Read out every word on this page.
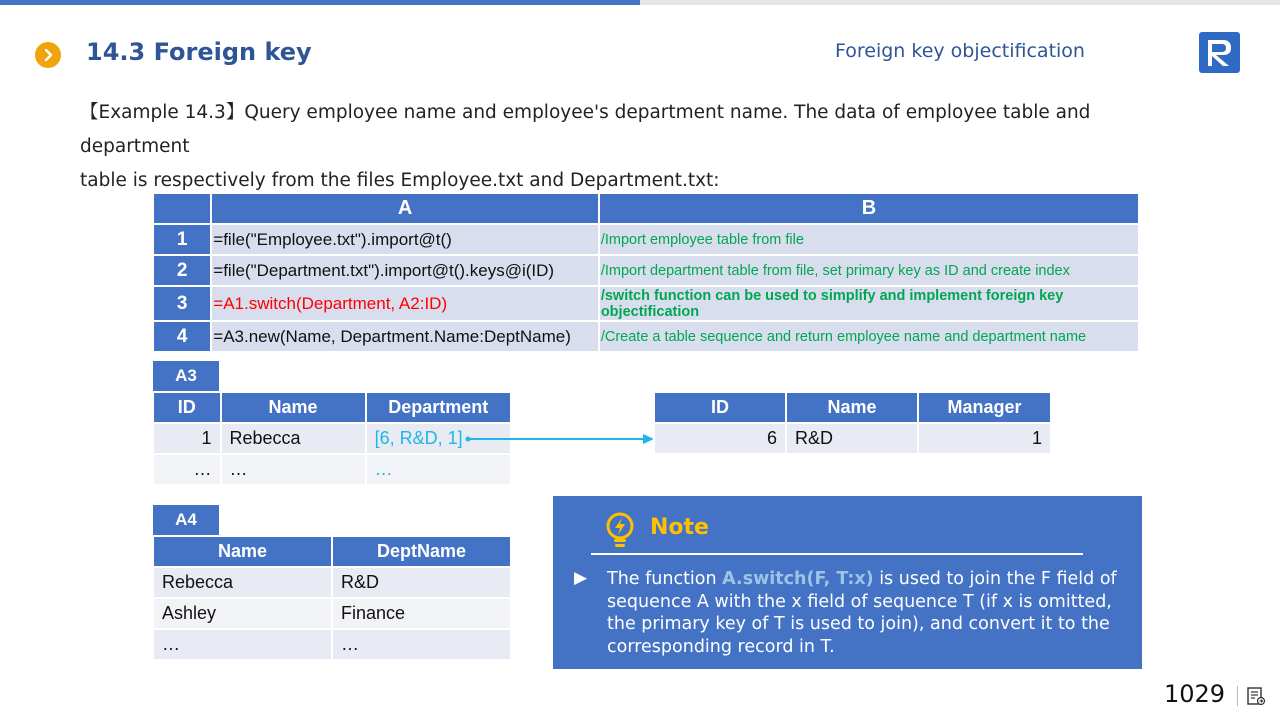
14.3 Foreign key	Foreign key objectification
【Example 14.3】Query employee name and employee's department name. The data of employee table and department
table is respectively from the files Employee.txt and Department.txt:
	A	B
1	=file("Employee.txt").import@t()	/Import employee table from file
2	=file("Department.txt").import@t().keys@i(ID)	/Import department table from file, set primary key as ID and create index
3	=A1.switch(Department, A2:ID)	/switch function can be used to simplify and implement foreign key objectification
4	=A3.new(Name, Department.Name:DeptName)	/Create a table sequence and return employee name and department name
A3
ID	Name	Department
1	Rebecca	[6, R&D, 1]
…	…	…
ID	Name	Manager
6	R&D	1
A4
Name	DeptName
Rebecca	R&D
Ashley	Finance
…	…
Note
▶ The function A.switch(F, T:x) is used to join the F field of sequence A with the x field of sequence T (if x is omitted, the primary key of T is used to join), and convert it to the corresponding record in T.
1029
